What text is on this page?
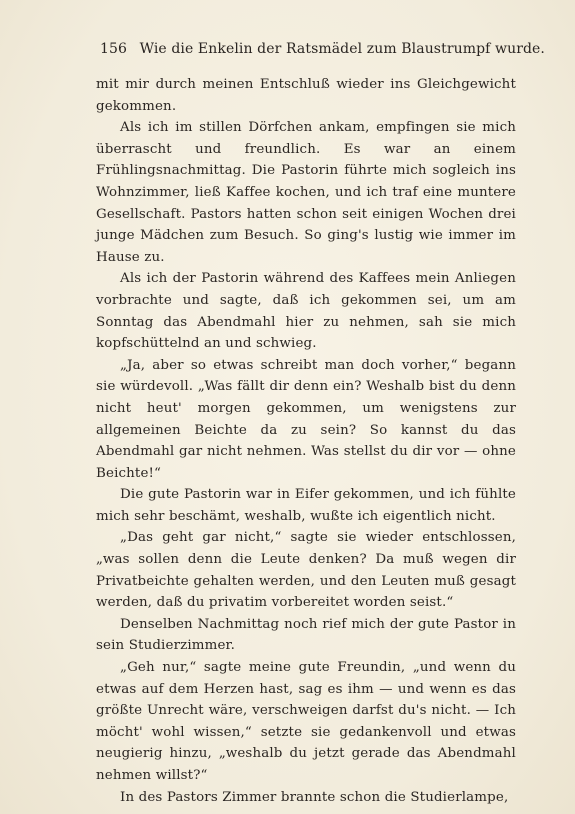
156 Wie die Enkelin der Ratsmädel zum Blaustrumpf wurde.

mit mir durch meinen Entschluß wieder ins Gleichgewicht gekommen.

Als ich im stillen Dörfchen ankam, empfingen sie mich überrascht und freundlich. Es war an einem Frühlingsnachmittag. Die Pastorin führte mich sogleich ins Wohnzimmer, ließ Kaffee kochen, und ich traf eine muntere Gesellschaft. Pastors hatten schon seit einigen Wochen drei junge Mädchen zum Besuch. So ging's lustig wie immer im Hause zu.

Als ich der Pastorin während des Kaffees mein Anliegen vorbrachte und sagte, daß ich gekommen sei, um am Sonntag das Abendmahl hier zu nehmen, sah sie mich kopfschüttelnd an und schwieg.

„Ja, aber so etwas schreibt man doch vorher,“ begann sie würdevoll. „Was fällt dir denn ein? Weshalb bist du denn nicht heut' morgen gekommen, um wenigstens zur allgemeinen Beichte da zu sein? So kannst du das Abendmahl gar nicht nehmen. Was stellst du dir vor — ohne Beichte!“

Die gute Pastorin war in Eifer gekommen, und ich fühlte mich sehr beschämt, weshalb, wußte ich eigentlich nicht.

„Das geht gar nicht,“ sagte sie wieder entschlossen, „was sollen denn die Leute denken? Da muß wegen dir Privatbeichte gehalten werden, und den Leuten muß gesagt werden, daß du privatim vorbereitet worden seist.“

Denselben Nachmittag noch rief mich der gute Pastor in sein Studierzimmer.

„Geh nur,“ sagte meine gute Freundin, „und wenn du etwas auf dem Herzen hast, sag es ihm — und wenn es das größte Unrecht wäre, verschweigen darfst du's nicht. — Ich möcht' wohl wissen,“ setzte sie gedankenvoll und etwas neugierig hinzu, „weshalb du jetzt gerade das Abendmahl nehmen willst?“

In des Pastors Zimmer brannte schon die Studierlampe,
